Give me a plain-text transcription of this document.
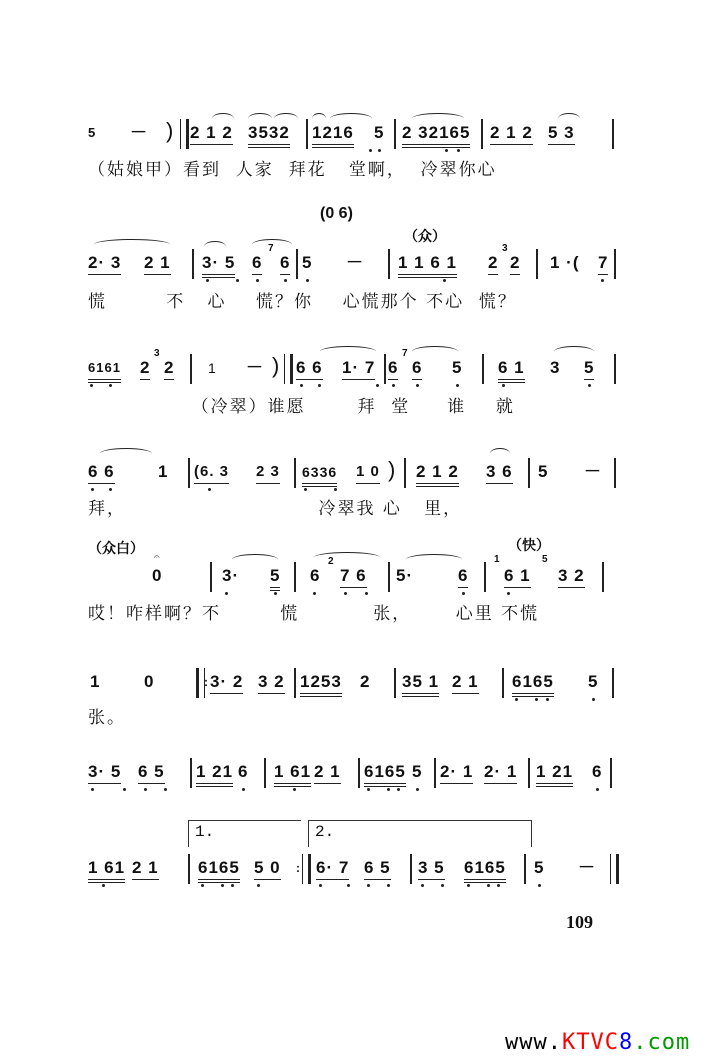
5 － ) 2 1 2 3532 1216 5 2 32165 2 1 2 5 3
（姑娘甲）看到  人家  拜花   堂啊，  冷翠你心
(0 6)
（众）
2· 3 2 1 3· 5 6
7
6 5 － 1 1 6 1 2
3
2 1 ·( 7
慌        不   心    慌？你    心慌那个 不心  慌？
6161 2
3
2 1 － ) 6 6 1· 7 6
7
6 5 6 1 3 5
（冷翠）谁愿       拜  堂     谁    就
6 6	1 (6. 3 2 3 6336 1 0 ) 2 1 2 3 6 5 －
拜，                          冷翠我 心   里，
（众白）	（快）
𝄐
0	3· 5 6
2
7 6 5·	6
1
6 1
5
3 2
哎！咋样啊？不        慌          张，      心里 不慌
1	0	: 3· 2 3 2 1253 2 35 1 2 1 6165 5
张。
3· 5 6 5 1 21 6 1 61 2 1 6165 5 2· 1 2· 1 1 21 6
1.	2.
1 61 2 1 6165 5 0 : 6· 7 6 5 3 5 6165 5 －
109
www.KTVC8.com
